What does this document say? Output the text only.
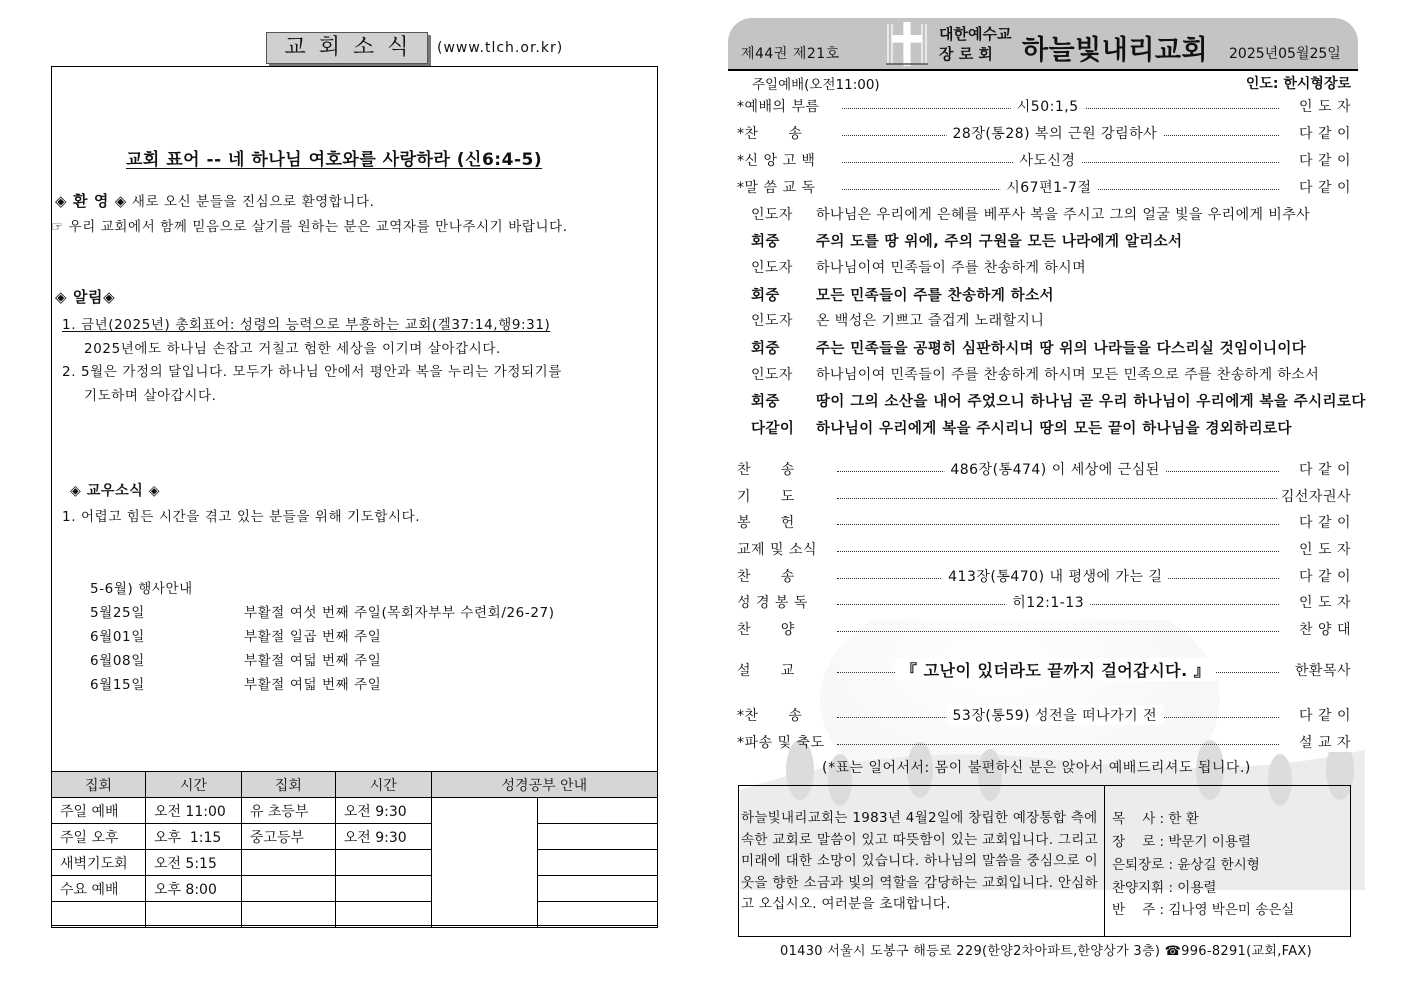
교회소식	(www.tlch.or.kr)
교회 표어 -- 네 하나님 여호와를 사랑하라 (신6:4-5)
◈ 환 영 ◈ 새로 오신 분들을 진심으로 환영합니다.
☞ 우리 교회에서 함께 믿음으로 살기를 원하는 분은 교역자를 만나주시기 바랍니다.
◈ 알림◈
1. 금년(2025년) 총회표어: 성령의 능력으로 부흥하는 교회(겔37:14,행9:31)
2025년에도 하나님 손잡고 거칠고 험한 세상을 이기며 살아갑시다.
2. 5월은 가정의 달입니다. 모두가 하나님 안에서 평안과 복을 누리는 가정되기를
기도하며 살아갑시다.
◈ 교우소식 ◈
1. 어렵고 힘든 시간을 겪고 있는 분들을 위해 기도합시다.
5-6월) 행사안내
5월25일	부활절 여섯 번째 주일(목회자부부 수련회/26-27)
6월01일	부활절 일곱 번째 주일
6월08일	부활절 여덟 번째 주일
6월15일	부활절 여덟 번째 주일
집회	시간	집회	시간	성경공부 안내	
주일 예배	오전 11:00	유 초등부	오전 9:30		
주일 오후	오후  1:15	중고등부	오전 9:30		
새벽기도회	오전 5:15				
수요 예배	오후 8:00				

제44권 제21호
대한예수교
장 로 회	하늘빛내리교회 2025년05월25일
주일예배(오전11:00)	인도: 한시형장로
*예배의 부름	시50:1,5	인 도 자
*찬      송	28장(통28) 복의 근원 강림하사	다 같 이
*신 앙 고 백	사도신경	다 같 이
*말 씀 교 독	시67편1-7절	다 같 이
찬      송	486장(통474) 이 세상에 근심된	다 같 이
기      도	김선자권사
봉      헌	다 같 이
교제 및 소식	인 도 자
찬      송	413장(통470) 내 평생에 가는 길	다 같 이
성 경 봉 독	히12:1-13	인 도 자
찬      양	찬 양 대
*찬      송	53장(통59) 성전을 떠나가기 전	다 같 이
*파송 및 축도	설 교 자
설      교	『 고난이 있더라도 끝까지 걸어갑시다. 』	한환목사
인도자 하나님은 우리에게 은혜를 베푸사 복을 주시고 그의 얼굴 빛을 우리에게 비추사
회중 주의 도를 땅 위에, 주의 구원을 모든 나라에게 알리소서
인도자 하나님이여 민족들이 주를 찬송하게 하시며
회중 모든 민족들이 주를 찬송하게 하소서
인도자 온 백성은 기쁘고 즐겁게 노래할지니
회중 주는 민족들을 공평히 심판하시며 땅 위의 나라들을 다스리실 것임이니이다
인도자 하나님이여 민족들이 주를 찬송하게 하시며 모든 민족으로 주를 찬송하게 하소서
회중 땅이 그의 소산을 내어 주었으니 하나님 곧 우리 하나님이 우리에게 복을 주시리로다
다같이 하나님이 우리에게 복을 주시리니 땅의 모든 끝이 하나님을 경외하리로다
(*표는 일어서서: 몸이 불편하신 분은 앉아서 예배드리셔도 됩니다.)
하늘빛내리교회는 1983년 4월2일에 창립한 예장통합 측에 속한 교회로 말씀이 있고 따뜻함이 있는 교회입니다. 그리고 미래에 대한 소망이 있습니다. 하나님의 말씀을 중심으로 이웃을 향한 소금과 빛의 역할을 감당하는 교회입니다. 안심하고 오십시오. 여러분을 초대합니다.
목    사 : 한 환
장    로 : 박문기 이용렬
은퇴장로 : 윤상길 한시형
찬양지휘 : 이용렬
반    주 : 김나영 박은미 송은실
01430 서울시 도봉구 해등로 229(한양2차아파트,한양상가 3층) ☎996-8291(교회,FAX)
